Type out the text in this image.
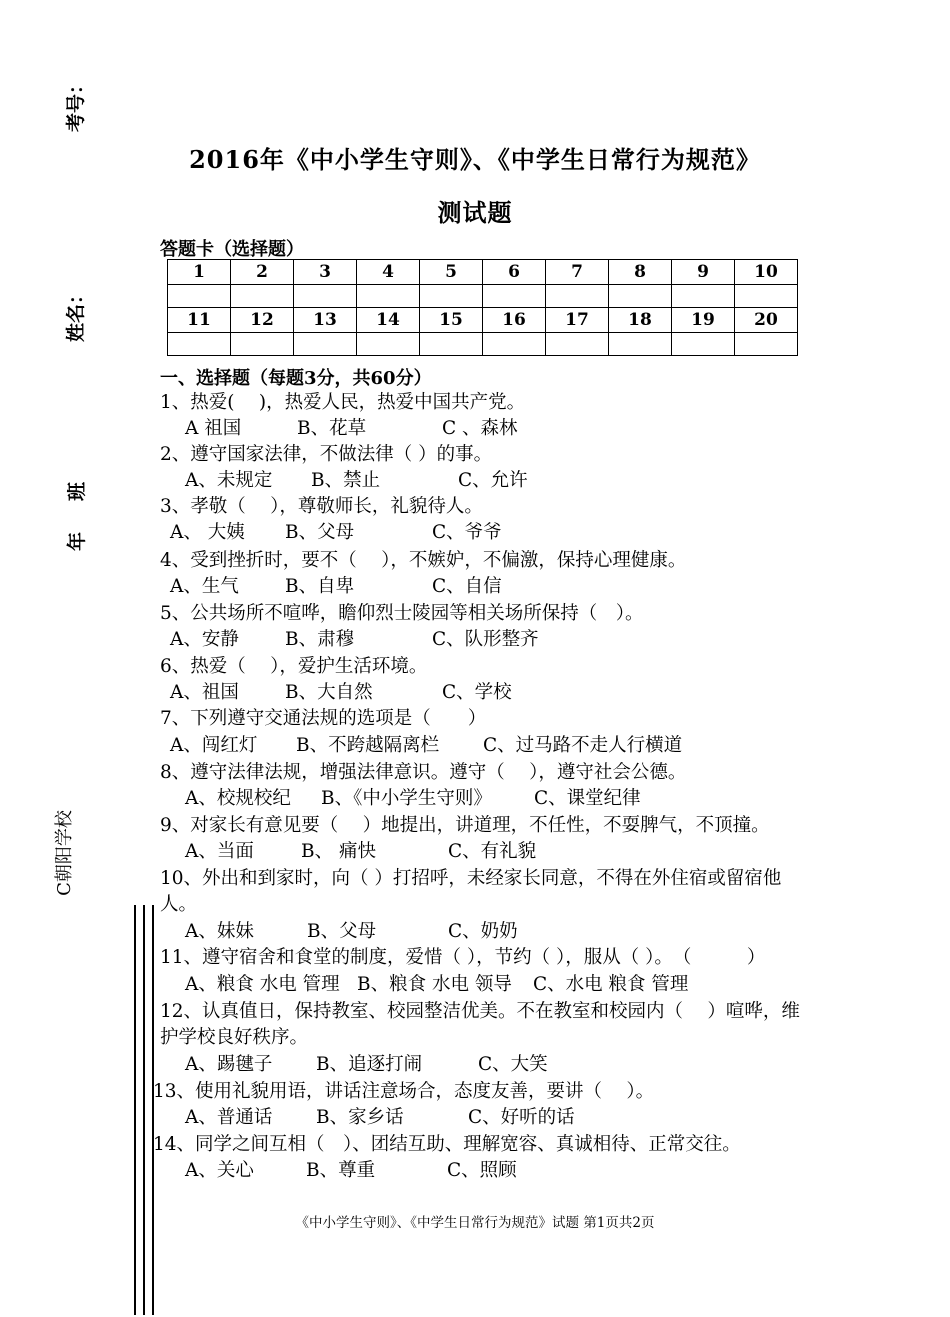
考号：
姓名：
班
年
C朝阳学校
2016年《中小学生守则》、《中学生日常行为规范》
测试题
答题卡（选择题）
1	2	3	4	5	6	7	8	9	10

11	12	13	14	15	16	17	18	19	20

一、选择题（每题3分，共60分）
1、热爱(　 )，热爱人民，热爱中国共产党。
A 祖国	B、花草	C 、森林
2、遵守国家法律，不做法律（ ）的事。
A、未规定 B、禁止	C、允许
3、孝敬（　 ），尊敬师长，礼貌待人。
A、 大姨 B、父母	C、爷爷
4、受到挫折时，要不（　 ），不嫉妒，不偏激，保持心理健康。
A、生气 B、自卑	C、自信
5、公共场所不喧哗，瞻仰烈士陵园等相关场所保持（　）。
A、安静 B、肃穆	C、队形整齐
6、热爱（　 ），爱护生活环境。
A、祖国 B、大自然	C、学校
7、下列遵守交通法规的选项是（　　）
A、闯红灯 B、不跨越隔离栏 C、过马路不走人行横道
8、遵守法律法规，增强法律意识。遵守（　 ），遵守社会公德。
A、校规校纪 B、《中小学生守则》 C、课堂纪律
9、对家长有意见要（　 ）地提出，讲道理，不任性，不耍脾气，不顶撞。
A、当面	B、 痛快	C、有礼貌
10、外出和到家时，向（ ）打招呼，未经家长同意，不得在外住宿或留宿他人。
A、妹妹	B、父母	C、奶奶
11、遵守宿舍和食堂的制度，爱惜（ ），节约（ ），服从（ ）。　（　　　）
A、粮食 水电 管理 B、粮食 水电 领导 C、水电 粮食 管理
12、认真值日，保持教室、校园整洁优美。不在教室和校园内（　 ）喧哗，维护学校良好秩序。
A、踢毽子 B、追逐打闹	C、大笑
13、使用礼貌用语，讲话注意场合，态度友善，要讲（　 ）。
A、普通话 B、家乡话	C、好听的话
14、同学之间互相（　）、团结互助、理解宽容、真诚相待、正常交往。
A、关心	B、尊重	C、照顾
《中小学生守则》、《中学生日常行为规范》试题 第1页共2页
